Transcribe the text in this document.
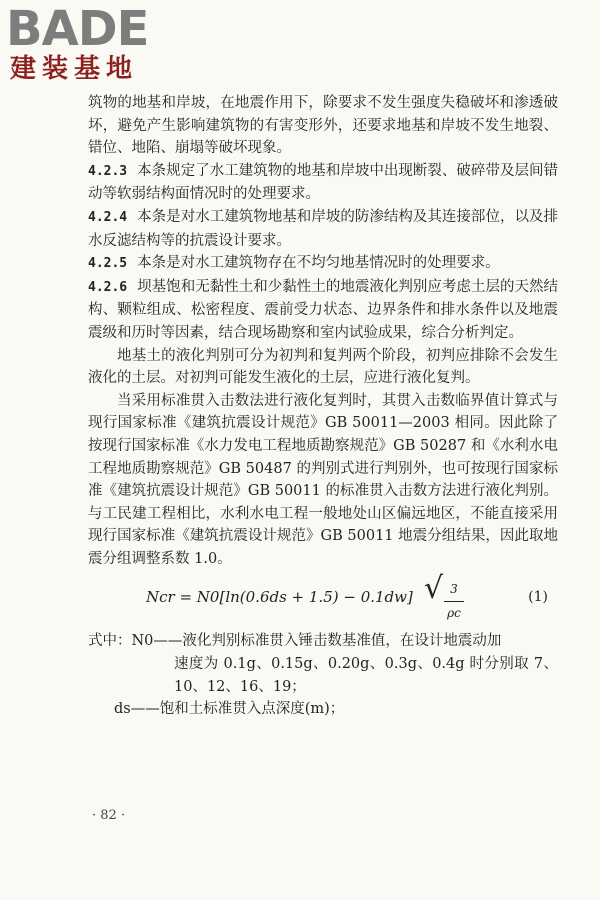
BADE
建装基地

筑物的地基和岸坡，在地震作用下，除要求不发生强度失稳破坏和渗透破坏，避免产生影响建筑物的有害变形外，还要求地基和岸坡不发生地裂、错位、地陷、崩塌等破坏现象。

4.2.3 本条规定了水工建筑物的地基和岸坡中出现断裂、破碎带及层间错动等软弱结构面情况时的处理要求。

4.2.4 本条是对水工建筑物地基和岸坡的防渗结构及其连接部位，以及排水反滤结构等的抗震设计要求。

4.2.5 本条是对水工建筑物存在不均匀地基情况时的处理要求。

4.2.6 坝基饱和无黏性土和少黏性土的地震液化判别应考虑土层的天然结构、颗粒组成、松密程度、震前受力状态、边界条件和排水条件以及地震震级和历时等因素，结合现场勘察和室内试验成果，综合分析判定。

地基土的液化判别可分为初判和复判两个阶段，初判应排除不会发生液化的土层。对初判可能发生液化的土层，应进行液化复判。

当采用标准贯入击数法进行液化复判时，其贯入击数临界值计算式与现行国家标准《建筑抗震设计规范》GB 50011—2003 相同。因此除了按现行国家标准《水力发电工程地质勘察规范》GB 50287 和《水利水电工程地质勘察规范》GB 50487 的判别式进行判别外，也可按现行国家标准《建筑抗震设计规范》GB 50011 的标准贯入击数方法进行液化判别。与工民建工程相比，水利水电工程一般地处山区偏远地区，不能直接采用现行国家标准《建筑抗震设计规范》GB 50011 地震分组结果，因此取地震分组调整系数 1.0。

Ncr = N0[ln(0.6ds + 1.5) − 0.1dw] √ $\frac{3}{\rho c}$	(1)

式中：N0——液化判别标准贯入锤击数基准值，在设计地震动加

速度为 0.1g、0.15g、0.20g、0.3g、0.4g 时分别取 7、10、12、16、19；

ds——饱和土标准贯入点深度(m)；

· 82 ·
